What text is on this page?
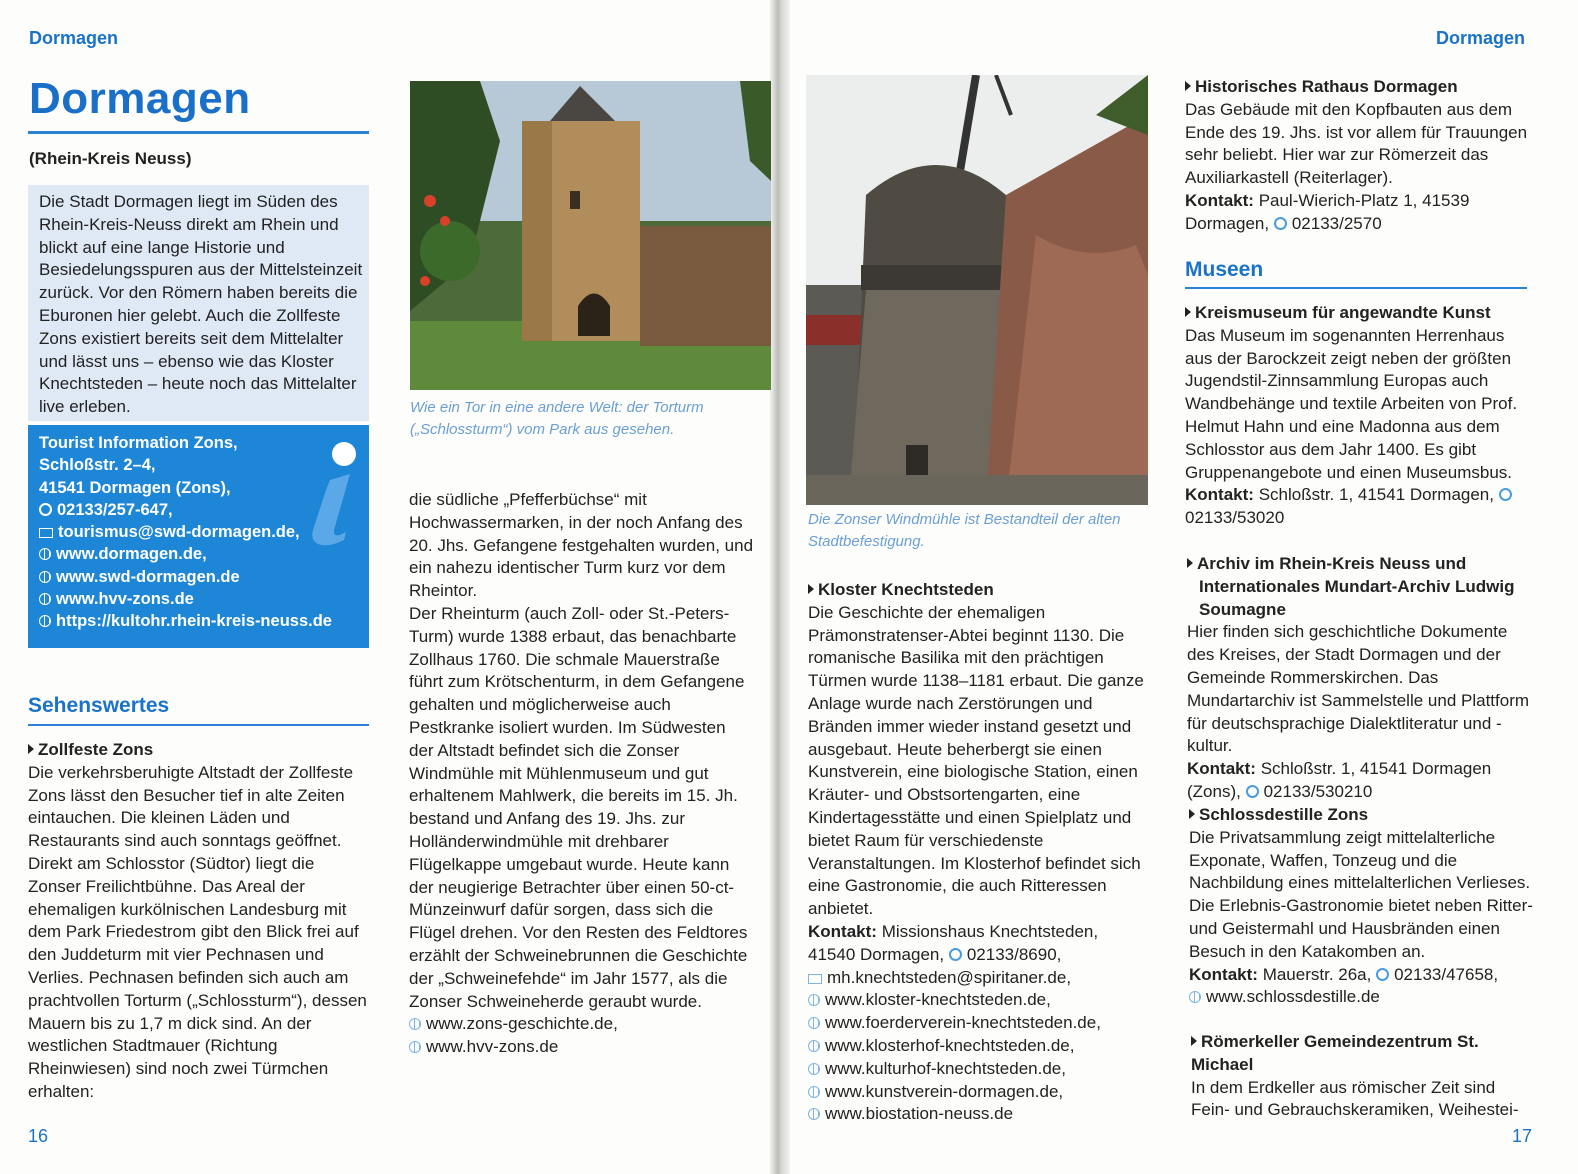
Dormagen
Dormagen
(Rhein-Kreis Neuss)
Die Stadt Dormagen liegt im Süden des Rhein-Kreis-Neuss direkt am Rhein und blickt auf eine lange Historie und Besiedelungsspuren aus der Mittelsteinzeit zurück. Vor den Römern haben bereits die Eburonen hier gelebt. Auch die Zollfeste Zons existiert bereits seit dem Mittelalter und lässt uns – ebenso wie das Kloster Knechtsteden – heute noch das Mittelalter live erleben.
Tourist Information Zons,
Schloßstr. 2–4,
41541 Dormagen (Zons),
02133/257-647,
tourismus@swd-dormagen.de,
www.dormagen.de,
www.swd-dormagen.de
www.hvv-zons.de
https://kultohr.rhein-kreis-neuss.de
Sehenswertes
Zollfeste Zons

Die verkehrsberuhigte Altstadt der Zollfeste Zons lässt den Besucher tief in alte Zeiten eintauchen. Die kleinen Läden und Restaurants sind auch sonntags geöffnet. Direkt am Schlosstor (Südtor) liegt die Zonser Freilichtbühne. Das Areal der ehemaligen kurkölnischen Landesburg mit dem Park Friedestrom gibt den Blick frei auf den Juddeturm mit vier Pechnasen und Verlies. Pechnasen befinden sich auch am prachtvollen Torturm („Schlossturm“), dessen Mauern bis zu 1,7 m dick sind. An der westlichen Stadtmauer (Richtung Rheinwiesen) sind noch zwei Türmchen erhalten:

Wie ein Tor in eine andere Welt: der Torturm („Schlossturm“) vom Park aus gesehen.

die südliche „Pfefferbüchse“ mit Hochwassermarken, in der noch Anfang des 20. Jhs. Gefangene festgehalten wurden, und ein nahezu identischer Turm kurz vor dem Rheintor.

Der Rheinturm (auch Zoll- oder St.-Peters-Turm) wurde 1388 erbaut, das benachbarte Zollhaus 1760. Die schmale Mauerstraße führt zum Krötschenturm, in dem Gefangene gehalten und möglicherweise auch Pestkranke isoliert wurden. Im Südwesten der Altstadt befindet sich die Zonser Windmühle mit Mühlenmuseum und gut erhaltenem Mahlwerk, die bereits im 15. Jh. bestand und Anfang des 19. Jhs. zur Holländerwindmühle mit drehbarer Flügelkappe umgebaut wurde. Heute kann der neugierige Betrachter über einen 50-ct-Münzeinwurf dafür sorgen, dass sich die Flügel drehen. Vor den Resten des Feldtores erzählt der Schweinebrunnen die Geschichte der „Schweinefehde“ im Jahr 1577, als die Zonser Schweineherde geraubt wurde.

www.zons-geschichte.de,
www.hvv-zons.de
16
Dormagen
Die Zonser Windmühle ist Bestandteil der alten Stadtbefestigung.
Kloster Knechtsteden

Die Geschichte der ehemaligen Prämonstratenser-Abtei beginnt 1130. Die romanische Basilika mit den prächtigen Türmen wurde 1138–1181 erbaut. Die ganze Anlage wurde nach Zerstörungen und Bränden immer wieder instand gesetzt und ausgebaut. Heute beherbergt sie einen Kunstverein, eine biologische Station, einen Kräuter- und Obstsortengarten, eine Kindertagesstätte und einen Spielplatz und bietet Raum für verschiedenste Veranstaltungen. Im Klosterhof befindet sich eine Gastronomie, die auch Ritteressen anbietet.

Kontakt: Missionshaus Knechtsteden, 41540 Dormagen, 02133/8690,
mh.knechtsteden@spiritaner.de,
www.kloster-knechtsteden.de,
www.foerderverein-knechtsteden.de,
www.klosterhof-knechtsteden.de,
www.kulturhof-knechtsteden.de,
www.kunstverein-dormagen.de,
www.biostation-neuss.de
Historisches Rathaus Dormagen

Das Gebäude mit den Kopfbauten aus dem Ende des 19. Jhs. ist vor allem für Trauungen sehr beliebt. Hier war zur Römerzeit das Auxiliarkastell (Reiterlager).

Kontakt: Paul-Wierich-Platz 1, 41539 Dormagen, 02133/2570
Museen
Kreismuseum für angewandte Kunst

Das Museum im sogenannten Herrenhaus aus der Barockzeit zeigt neben der größten Jugendstil-Zinnsammlung Europas auch Wandbehänge und textile Arbeiten von Prof. Helmut Hahn und eine Madonna aus dem Schlosstor aus dem Jahr 1400. Es gibt Gruppenangebote und einen Museumsbus.

Kontakt: Schloßstr. 1, 41541 Dormagen, 02133/53020
Archiv im Rhein-Kreis Neuss und Internationales Mundart-Archiv Ludwig Soumagne

Hier finden sich geschichtliche Dokumente des Kreises, der Stadt Dormagen und der Gemeinde Rommerskirchen. Das Mundartarchiv ist Sammelstelle und Plattform für deutschsprachige Dialektliteratur und -kultur.

Kontakt: Schloßstr. 1, 41541 Dormagen (Zons), 02133/530210
Schlossdestille Zons

Die Privatsammlung zeigt mittelalterliche Exponate, Waffen, Tonzeug und die Nachbildung eines mittelalterlichen Verlieses. Die Erlebnis-Gastronomie bietet neben Ritter- und Geistermahl und Hausbränden einen Besuch in den Katakomben an.

Kontakt: Mauerstr. 26a, 02133/47658,
www.schlossdestille.de
Römerkeller Gemeindezentrum St. Michael

In dem Erdkeller aus römischer Zeit sind Fein- und Gebrauchskeramiken, Weihestei-

17
